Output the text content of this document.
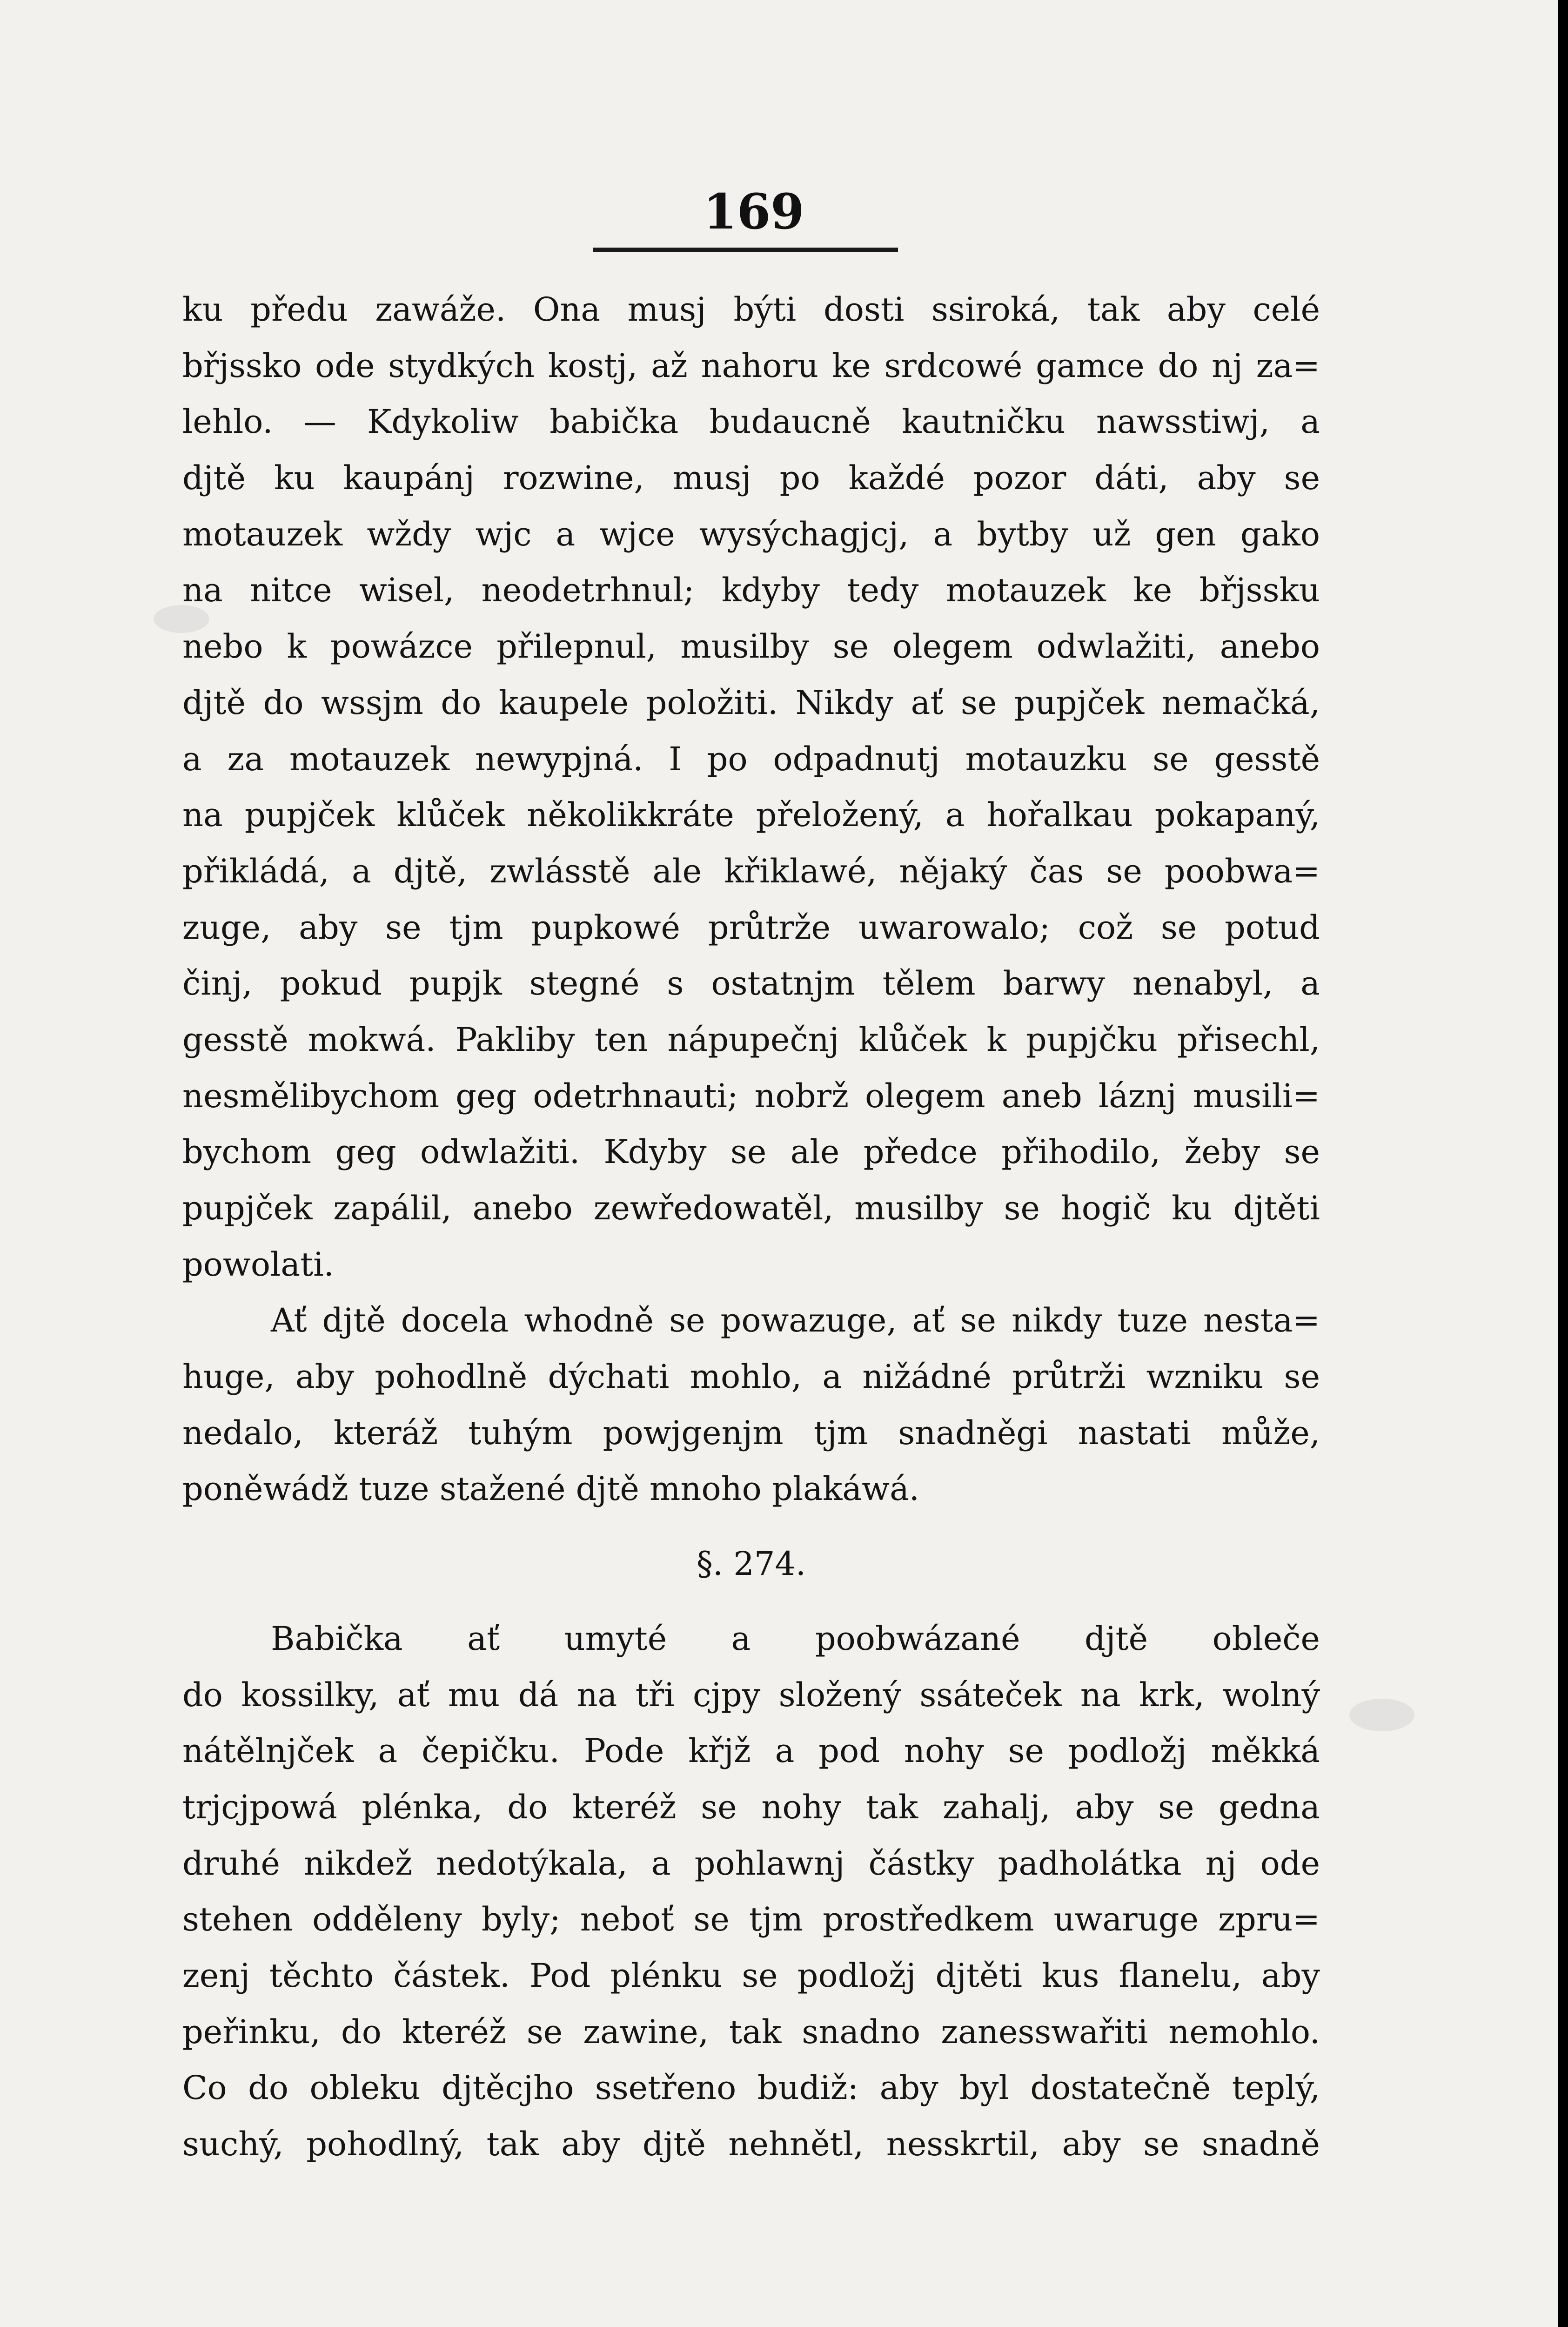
169
ku předu zawáže. Ona musj býti dosti ssiroká, tak aby celé
břjssko ode stydkých kostj, až nahoru ke srdcowé gamce do nj za=
lehlo. — Kdykoliw babička budaucně kautničku nawsstiwj, a
djtě ku kaupánj rozwine, musj po každé pozor dáti, aby se
motauzek wždy wjc a wjce wysýchagjcj, a bytby už gen gako
na nitce wisel, neodetrhnul; kdyby tedy motauzek ke břjssku
nebo k powázce přilepnul, musilby se olegem odwlažiti, anebo
djtě do wssjm do kaupele položiti. Nikdy ať se pupjček nemačká,
a za motauzek newypjná. I po odpadnutj motauzku se gesstě
na pupjček klůček několikkráte přeložený, a hořalkau pokapaný,
přikládá, a djtě, zwlásstě ale křiklawé, nějaký čas se poobwa=
zuge, aby se tjm pupkowé průtrže uwarowalo; což se potud
činj, pokud pupjk stegné s ostatnjm tělem barwy nenabyl, a
gesstě mokwá. Pakliby ten nápupečnj klůček k pupjčku přisechl,
nesmělibychom geg odetrhnauti; nobrž olegem aneb láznj musili=
bychom geg odwlažiti. Kdyby se ale předce přihodilo, žeby se
pupjček zapálil, anebo zewředowatěl, musilby se hogič ku djtěti
powolati.
Ať djtě docela whodně se powazuge, ať se nikdy tuze nesta=
huge, aby pohodlně dýchati mohlo, a nižádné průtrži wzniku se
nedalo, kteráž tuhým powjgenjm tjm snadněgi nastati může,
poněwádž tuze stažené djtě mnoho plakáwá.
§. 274.
Babička ať umyté a poobwázané djtě obleče
do kossilky, ať mu dá na tři cjpy složený ssáteček na krk, wolný
nátělnjček a čepičku. Pode křjž a pod nohy se podložj měkká
trjcjpowá plénka, do kteréž se nohy tak zahalj, aby se gedna
druhé nikdež nedotýkala, a pohlawnj částky padholátka nj ode
stehen odděleny byly; neboť se tjm prostředkem uwaruge zpru=
zenj těchto částek. Pod plénku se podložj djtěti kus flanelu, aby
peřinku, do kteréž se zawine, tak snadno zanesswařiti nemohlo.
Co do obleku djtěcjho ssetřeno budiž: aby byl dostatečně teplý,
suchý, pohodlný, tak aby djtě nehnětl, nesskrtil, aby se snadně
